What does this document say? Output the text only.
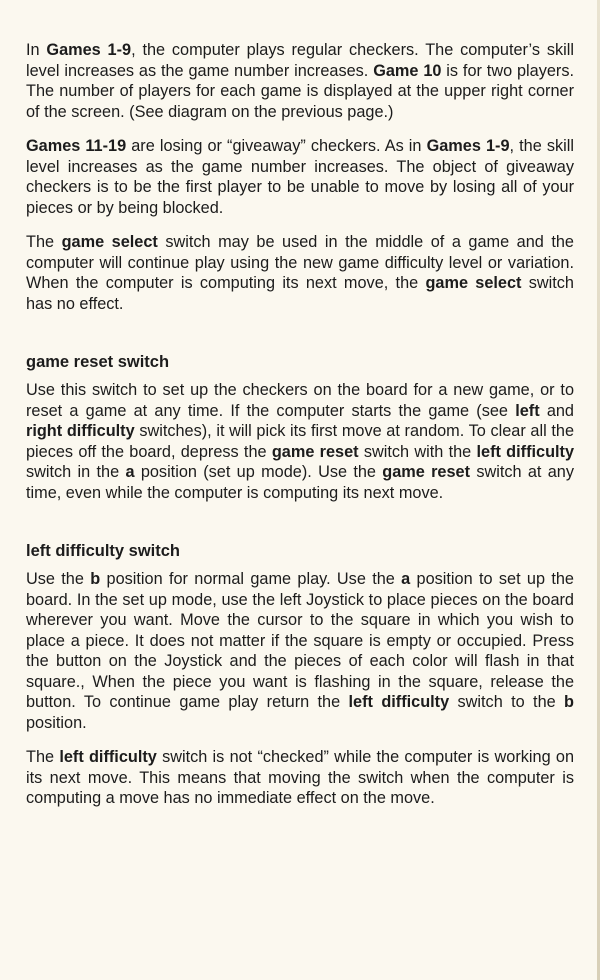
In Games 1-9, the computer plays regular checkers. The computer’s skill level increases as the game number increases. Game 10 is for two players. The number of players for each game is displayed at the upper right corner of the screen. (See diagram on the previous page.)

Games 11-19 are losing or “giveaway” checkers. As in Games 1-9, the skill level increases as the game number increases. The object of giveaway checkers is to be the first player to be unable to move by losing all of your pieces or by being blocked.

The game select switch may be used in the middle of a game and the computer will continue play using the new game difficulty level or variation. When the computer is computing its next move, the game select switch has no effect.

game reset switch

Use this switch to set up the checkers on the board for a new game, or to reset a game at any time. If the computer starts the game (see left and right difficulty switches), it will pick its first move at random. To clear all the pieces off the board, depress the game reset switch with the left difficulty switch in the a position (set up mode). Use the game reset switch at any time, even while the computer is computing its next move.

left difficulty switch

Use the b position for normal game play. Use the a position to set up the board. In the set up mode, use the left Joystick to place pieces on the board wherever you want. Move the cursor to the square in which you wish to place a piece. It does not matter if the square is empty or occupied. Press the button on the Joystick and the pieces of each color will flash in that square., When the piece you want is flashing in the square, release the button. To continue game play return the left difficulty switch to the b position.

The left difficulty switch is not “checked” while the computer is working on its next move. This means that moving the switch when the computer is computing a move has no immediate effect on the move.
